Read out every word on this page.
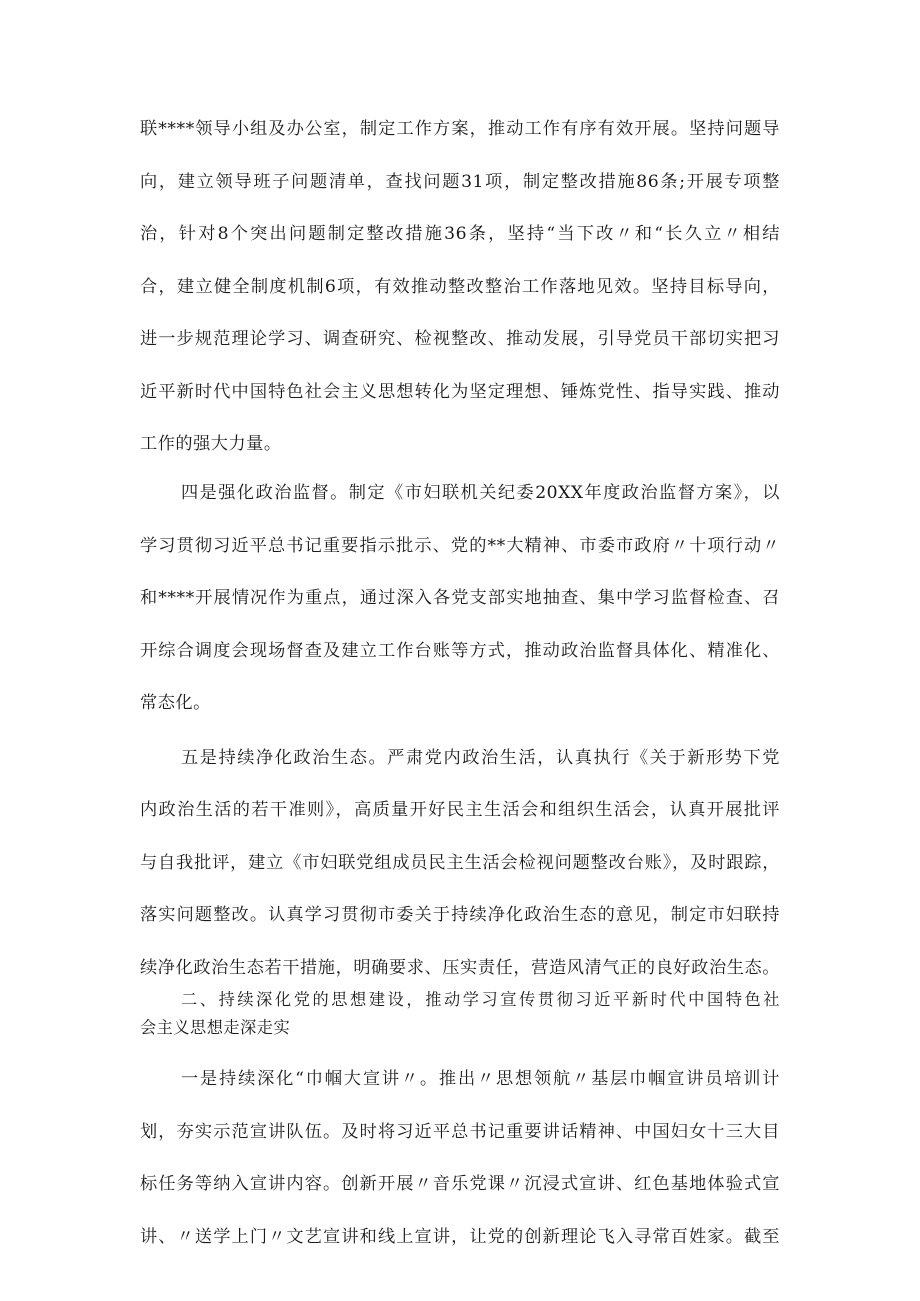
联****领导小组及办公室，制定工作方案，推动工作有序有效开展。坚持问题导
向，建立领导班子问题清单，查找问题31项，制定整改措施86条;开展专项整
治，针对8个突出问题制定整改措施36条，坚持“当下改〃和“长久立〃相结
合，建立健全制度机制6项，有效推动整改整治工作落地见效。坚持目标导向，
进一步规范理论学习、调查研究、检视整改、推动发展，引导党员干部切实把习
近平新时代中国特色社会主义思想转化为坚定理想、锤炼党性、指导实践、推动
工作的强大力量。
四是强化政治监督。制定《市妇联机关纪委20XX年度政治监督方案》，以
学习贯彻习近平总书记重要指示批示、党的**大精神、市委市政府〃十项行动〃
和****开展情况作为重点，通过深入各党支部实地抽查、集中学习监督检查、召
开综合调度会现场督查及建立工作台账等方式，推动政治监督具体化、精准化、
常态化。
五是持续净化政治生态。严肃党内政治生活，认真执行《关于新形势下党
内政治生活的若干准则》，高质量开好民主生活会和组织生活会，认真开展批评
与自我批评，建立《市妇联党组成员民主生活会检视问题整改台账》，及时跟踪，
落实问题整改。认真学习贯彻市委关于持续净化政治生态的意见，制定市妇联持
续净化政治生态若干措施，明确要求、压实责任，营造风清气正的良好政治生态。
二、持续深化党的思想建设，推动学习宣传贯彻习近平新时代中国特色社
会主义思想走深走实
一是持续深化“巾帼大宣讲〃。推出〃思想领航〃基层巾帼宣讲员培训计
划，夯实示范宣讲队伍。及时将习近平总书记重要讲话精神、中国妇女十三大目
标任务等纳入宣讲内容。创新开展〃音乐党课〃沉浸式宣讲、红色基地体验式宣
讲、〃送学上门〃文艺宣讲和线上宣讲，让党的创新理论飞入寻常百姓家。截至
